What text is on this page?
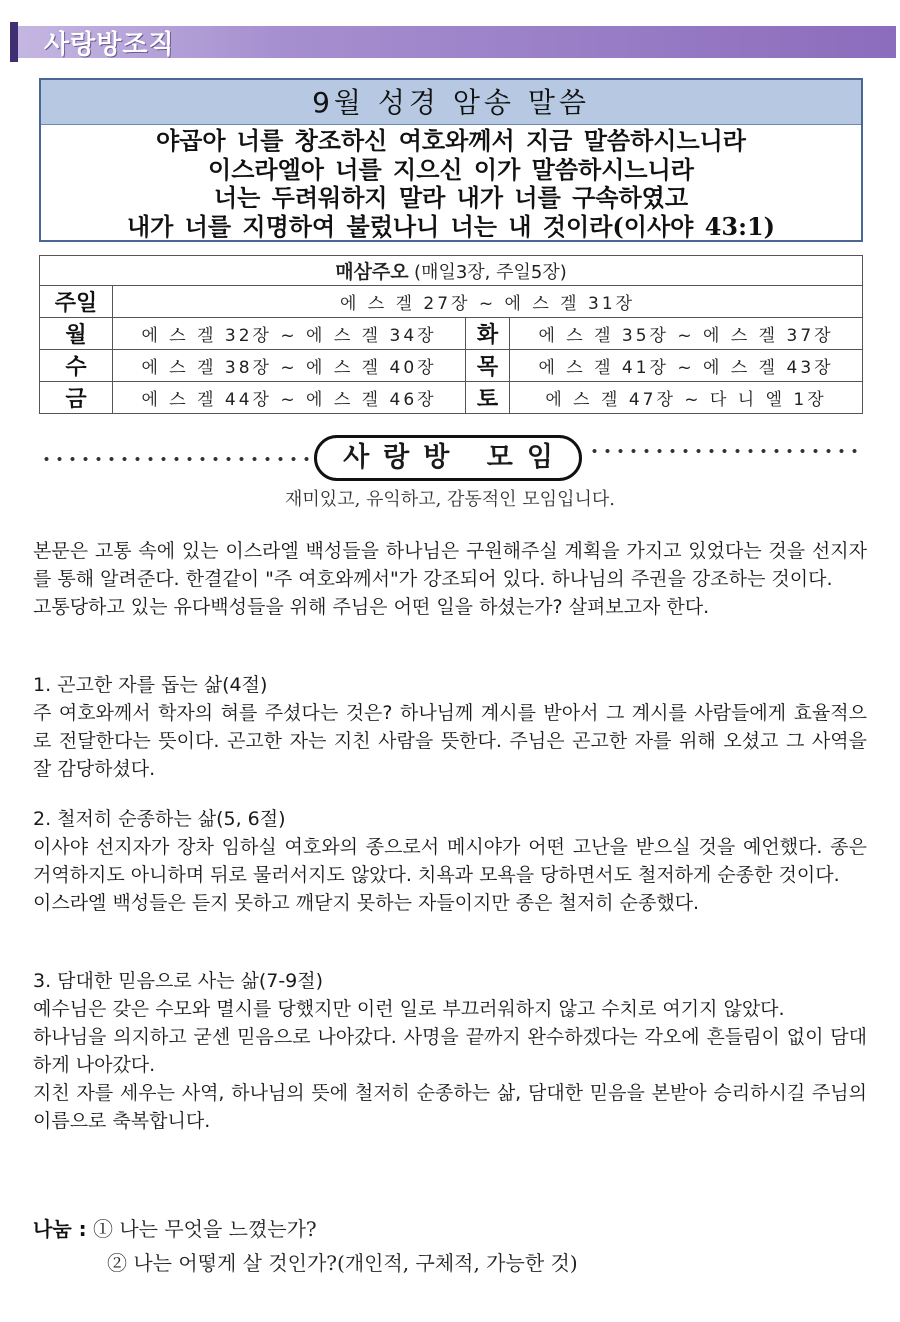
사랑방조직
9월 성경 암송 말씀
야곱아 너를 창조하신 여호와께서 지금 말씀하시느니라
이스라엘아 너를 지으신 이가 말씀하시느니라
너는 두려워하지 말라 내가 너를 구속하였고
내가 너를 지명하여 불렀나니 너는 내 것이라(이사야 43:1)
매삼주오 (매일3장, 주일5장)			
주일	에 스 겔 27장 ~ 에 스 겔 31장		
월	에 스 겔 32장 ~ 에 스 겔 34장	화	에 스 겔 35장 ~ 에 스 겔 37장
수	에 스 겔 38장 ~ 에 스 겔 40장	목	에 스 겔 41장 ~ 에 스 겔 43장
금	에 스 겔 44장 ~ 에 스 겔 46장	토	에 스 겔 47장 ~ 다 니 엘 1장
사랑방 모임
재미있고, 유익하고, 감동적인 모임입니다.

본문은 고통 속에 있는 이스라엘 백성들을 하나님은 구원해주실 계획을 가지고 있었다는 것을 선지자를 통해 알려준다. 한결같이 "주 여호와께서"가 강조되어 있다. 하나님의 주권을 강조하는 것이다.

고통당하고 있는 유다백성들을 위해 주님은 어떤 일을 하셨는가? 살펴보고자 한다.

1. 곤고한 자를 돕는 삶(4절)

주 여호와께서 학자의 혀를 주셨다는 것은? 하나님께 계시를 받아서 그 계시를 사람들에게 효율적으로 전달한다는 뜻이다. 곤고한 자는 지친 사람을 뜻한다. 주님은 곤고한 자를 위해 오셨고 그 사역을 잘 감당하셨다.

2. 철저히 순종하는 삶(5, 6절)

이사야 선지자가 장차 임하실 여호와의 종으로서 메시야가 어떤 고난을 받으실 것을 예언했다. 종은 거역하지도 아니하며 뒤로 물러서지도 않았다. 치욕과 모욕을 당하면서도 철저하게 순종한 것이다.

이스라엘 백성들은 듣지 못하고 깨닫지 못하는 자들이지만 종은 철저히 순종했다.

3. 담대한 믿음으로 사는 삶(7-9절)

예수님은 갖은 수모와 멸시를 당했지만 이런 일로 부끄러워하지 않고 수치로 여기지 않았다.

하나님을 의지하고 굳센 믿음으로 나아갔다. 사명을 끝까지 완수하겠다는 각오에 흔들림이 없이 담대하게 나아갔다.

지친 자를 세우는 사역, 하나님의 뜻에 철저히 순종하는 삶, 담대한 믿음을 본받아 승리하시길 주님의 이름으로 축복합니다.

나눔 : ① 나는 무엇을 느꼈는가?
② 나는 어떻게 살 것인가?(개인적, 구체적, 가능한 것)
